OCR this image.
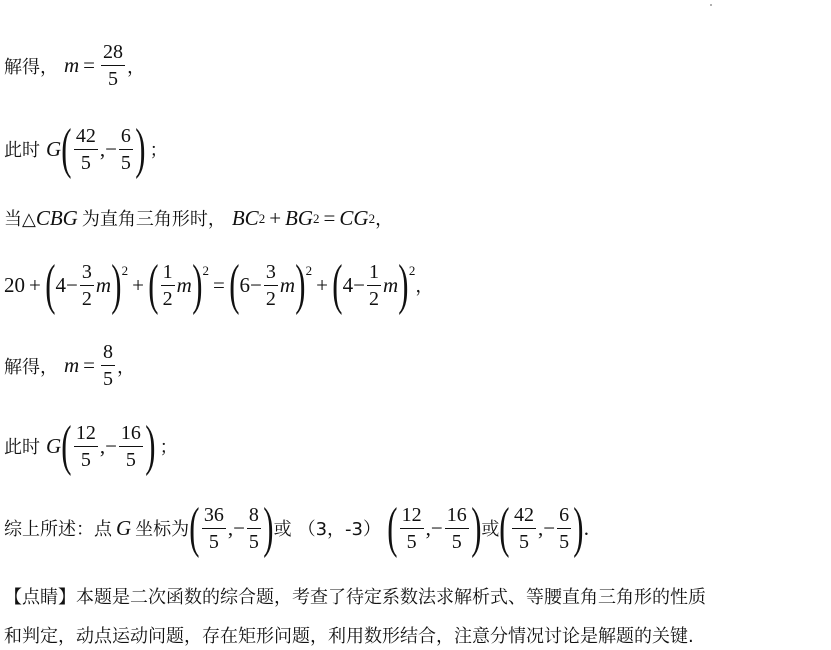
解得， $m = \frac{28}{5}$ ，
此时 G ( $\frac{42}{5}$ ,− $\frac{6}{5}$ ) ；
当△ CBG 为直角三角形时， BC 2 + BG 2 = CG 2 ，
20 + ( $4- \frac{3}{2}$ m ) 2
+ ( $\frac{1}{2}$ m ) 2
= ( $6- \frac{3}{2}$ m ) 2
+ ( $4- \frac{1}{2}$ m ) 2
，
解得， $m = \frac{8}{5}$ ，
此时 G ( $\frac{12}{5}$ ,− $\frac{16}{5}$ ) ；
综上所述：点 G 坐标为 ( $\frac{36}{5}$ ,− $\frac{8}{5}$ ) 或 （3，-3） ( $\frac{12}{5}$ ,− $\frac{16}{5}$ ) 或 ( $\frac{42}{5}$ ,− $\frac{6}{5}$ ) .
【点睛】本题是二次函数的综合题，考查了待定系数法求解析式、等腰直角三角形的性质
和判定，动点运动问题，存在矩形问题，利用数形结合，注意分情况讨论是解题的关键.
